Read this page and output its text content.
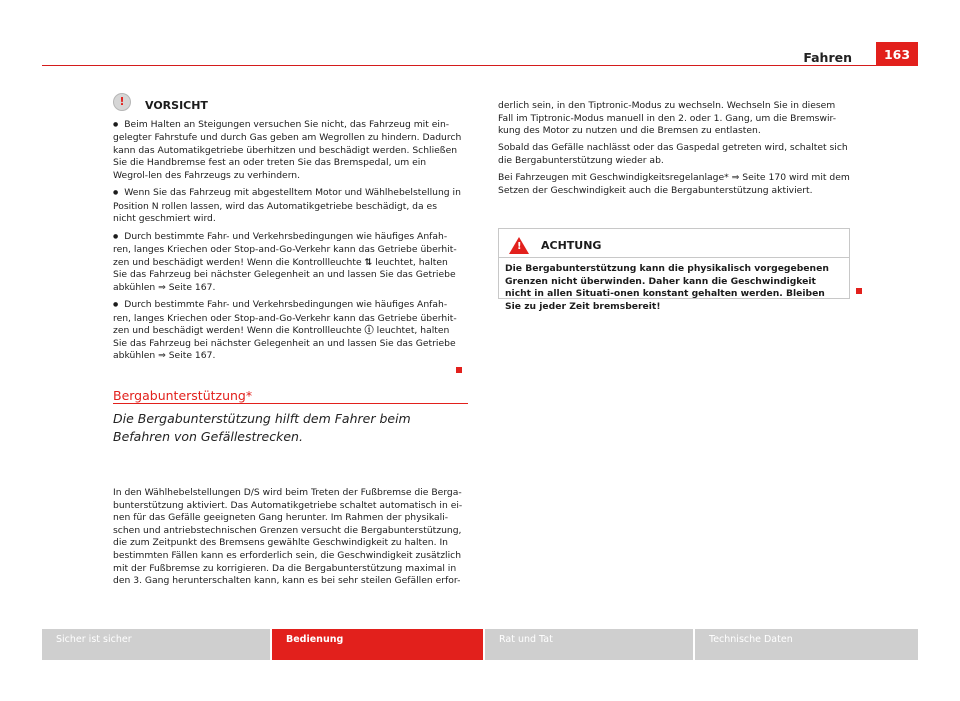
Fahren	163
!	VORSICHT

● Beim Halten an Steigungen versuchen Sie nicht, das Fahrzeug mit ein-gelegter Fahrstufe und durch Gas geben am Wegrollen zu hindern. Dadurch kann das Automatikgetriebe überhitzen und beschädigt werden. Schließen Sie die Handbremse fest an oder treten Sie das Bremspedal, um ein Wegrol-len des Fahrzeugs zu verhindern.

● Wenn Sie das Fahrzeug mit abgestelltem Motor und Wählhebelstellung in Position N rollen lassen, wird das Automatikgetriebe beschädigt, da es nicht geschmiert wird.

● Durch bestimmte Fahr- und Verkehrsbedingungen wie häufiges Anfah-ren, langes Kriechen oder Stop-and-Go-Verkehr kann das Getriebe überhit-zen und beschädigt werden! Wenn die Kontrollleuchte ⇅ leuchtet, halten Sie das Fahrzeug bei nächster Gelegenheit an und lassen Sie das Getriebe abkühlen ⇒ Seite 167.

● Durch bestimmte Fahr- und Verkehrsbedingungen wie häufiges Anfah-ren, langes Kriechen oder Stop-and-Go-Verkehr kann das Getriebe überhit-zen und beschädigt werden! Wenn die Kontrollleuchte ⓘ leuchtet, halten Sie das Fahrzeug bei nächster Gelegenheit an und lassen Sie das Getriebe abkühlen ⇒ Seite 167.

Bergabunterstützung*
Die Bergabunterstützung hilft dem Fahrer beim Befahren von Gefällestrecken.

In den Wählhebelstellungen D/S wird beim Treten der Fußbremse die Berga-bunterstützung aktiviert. Das Automatikgetriebe schaltet automatisch in ei-nen für das Gefälle geeigneten Gang herunter. Im Rahmen der physikali-schen und antriebstechnischen Grenzen versucht die Bergabunterstützung, die zum Zeitpunkt des Bremsens gewählte Geschwindigkeit zu halten. In bestimmten Fällen kann es erforderlich sein, die Geschwindigkeit zusätzlich mit der Fußbremse zu korrigieren. Da die Bergabunterstützung maximal in den 3. Gang herunterschalten kann, kann es bei sehr steilen Gefällen erfor-

derlich sein, in den Tiptronic-Modus zu wechseln. Wechseln Sie in diesem Fall im Tiptronic-Modus manuell in den 2. oder 1. Gang, um die Bremswir-kung des Motor zu nutzen und die Bremsen zu entlasten.

Sobald das Gefälle nachlässt oder das Gaspedal getreten wird, schaltet sich die Bergabunterstützung wieder ab.

Bei Fahrzeugen mit Geschwindigkeitsregelanlage* ⇒ Seite 170 wird mit dem Setzen der Geschwindigkeit auch die Bergabunterstützung aktiviert.

! ACHTUNG
Die Bergabunterstützung kann die physikalisch vorgegebenen Grenzen nicht überwinden. Daher kann die Geschwindigkeit nicht in allen Situati-onen konstant gehalten werden. Bleiben Sie zu jeder Zeit bremsbereit!
Sicher ist sicher	Bedienung	Rat und Tat	Technische Daten
